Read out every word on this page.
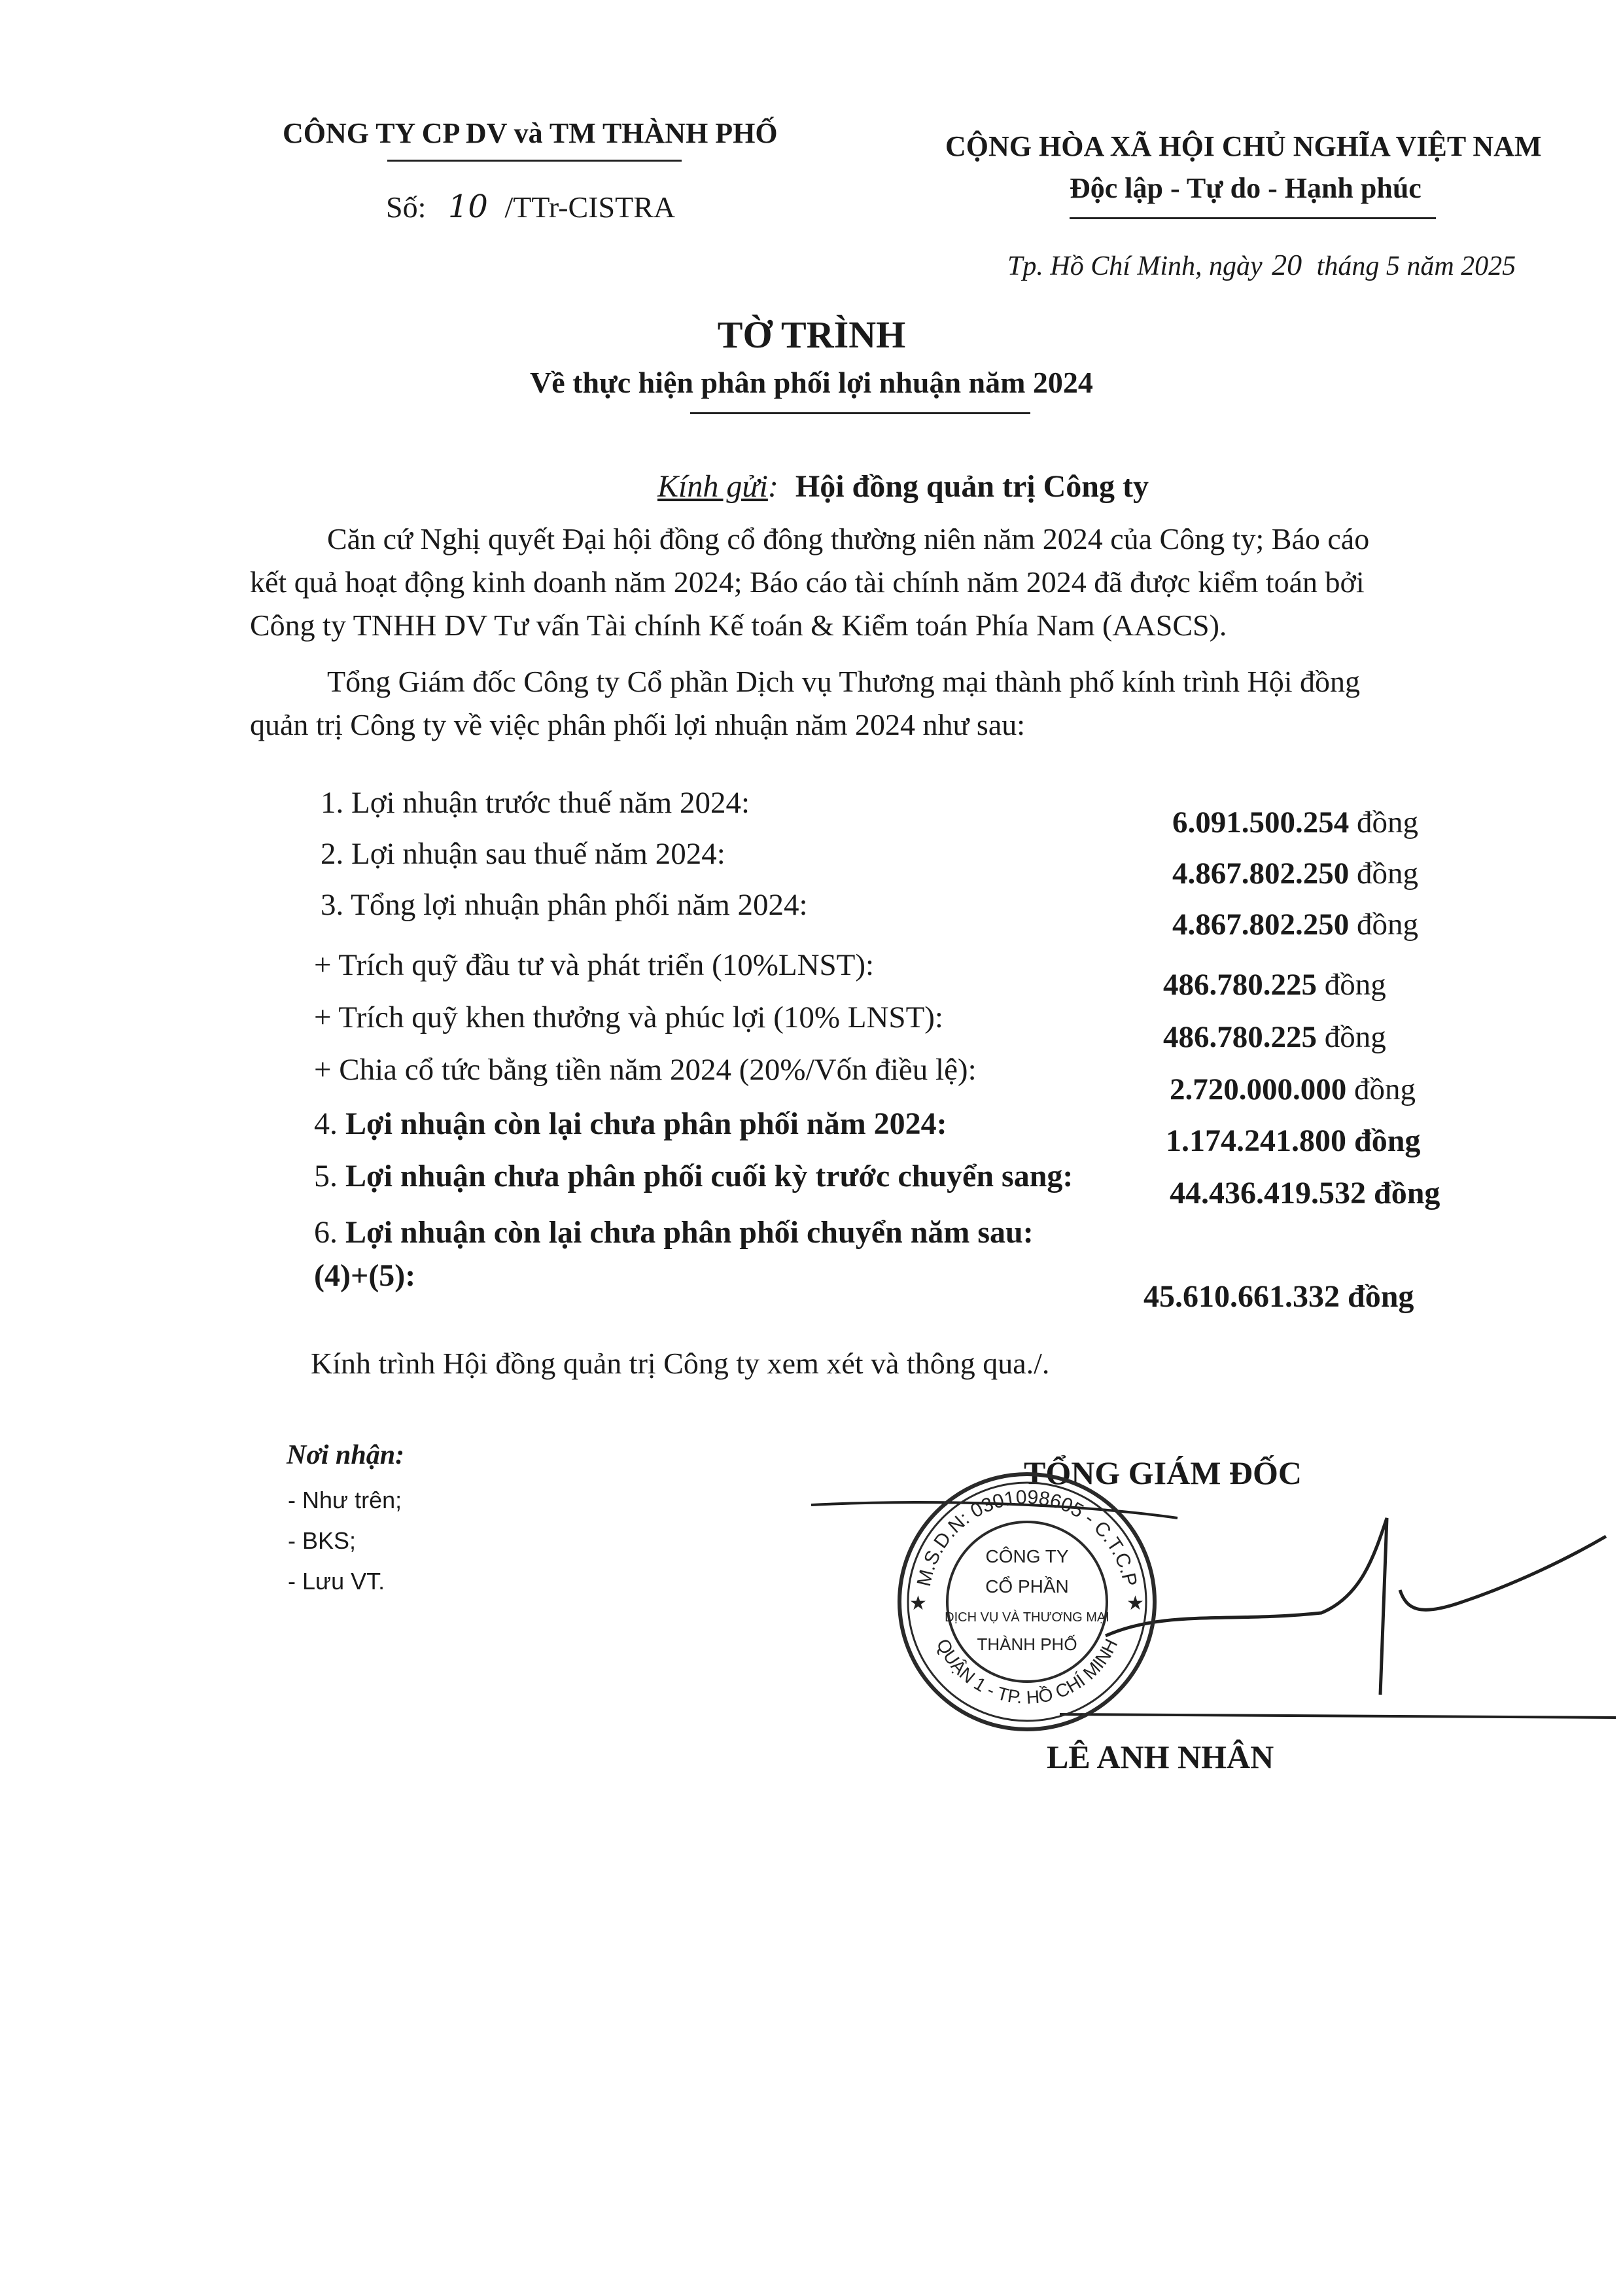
CÔNG TY CP DV và TM THÀNH PHỐ
Số: 10 /TTr-CISTRA
CỘNG HÒA XÃ HỘI CHỦ NGHĨA VIỆT NAM
Độc lập - Tự do - Hạnh phúc
Tp. Hồ Chí Minh, ngày 20 tháng 5 năm 2025
TỜ TRÌNH
Về thực hiện phân phối lợi nhuận năm 2024
Kính gửi: Hội đồng quản trị Công ty
Căn cứ Nghị quyết Đại hội đồng cổ đông thường niên năm 2024 của Công ty; Báo cáo
kết quả hoạt động kinh doanh năm 2024; Báo cáo tài chính năm 2024 đã được kiểm toán bởi
Công ty TNHH DV Tư vấn Tài chính Kế toán & Kiểm toán Phía Nam (AASCS).
Tổng Giám đốc Công ty Cổ phần Dịch vụ Thương mại thành phố kính trình Hội đồng
quản trị Công ty về việc phân phối lợi nhuận năm 2024 như sau:
1. Lợi nhuận trước thuế năm 2024:
6.091.500.254 đồng
2. Lợi nhuận sau thuế năm 2024:
4.867.802.250 đồng
3. Tổng lợi nhuận phân phối năm 2024:
4.867.802.250 đồng
+ Trích quỹ đầu tư và phát triển (10%LNST):
486.780.225 đồng
+ Trích quỹ khen thưởng và phúc lợi (10% LNST):
486.780.225 đồng
+ Chia cổ tức bằng tiền năm 2024 (20%/Vốn điều lệ):
2.720.000.000 đồng
4. Lợi nhuận còn lại chưa phân phối năm 2024:	1.174.241.800 đồng
5. Lợi nhuận chưa phân phối cuối kỳ trước chuyển sang:	44.436.419.532 đồng
6. Lợi nhuận còn lại chưa phân phối chuyển năm sau:
(4)+(5):
45.610.661.332 đồng
Kính trình Hội đồng quản trị Công ty xem xét và thông qua./.
Nơi nhận:
- Như trên;
- BKS;
- Lưu VT.
TỔNG GIÁM ĐỐC
M.S.D.N: 0301098605 - C.T.C.P
QUẬN 1 - TP. HỒ CHÍ MINH
★	★
CÔNG TY
CỔ PHẦN
DỊCH VỤ VÀ THƯƠNG MẠI
THÀNH PHỐ
LÊ ANH NHÂN
